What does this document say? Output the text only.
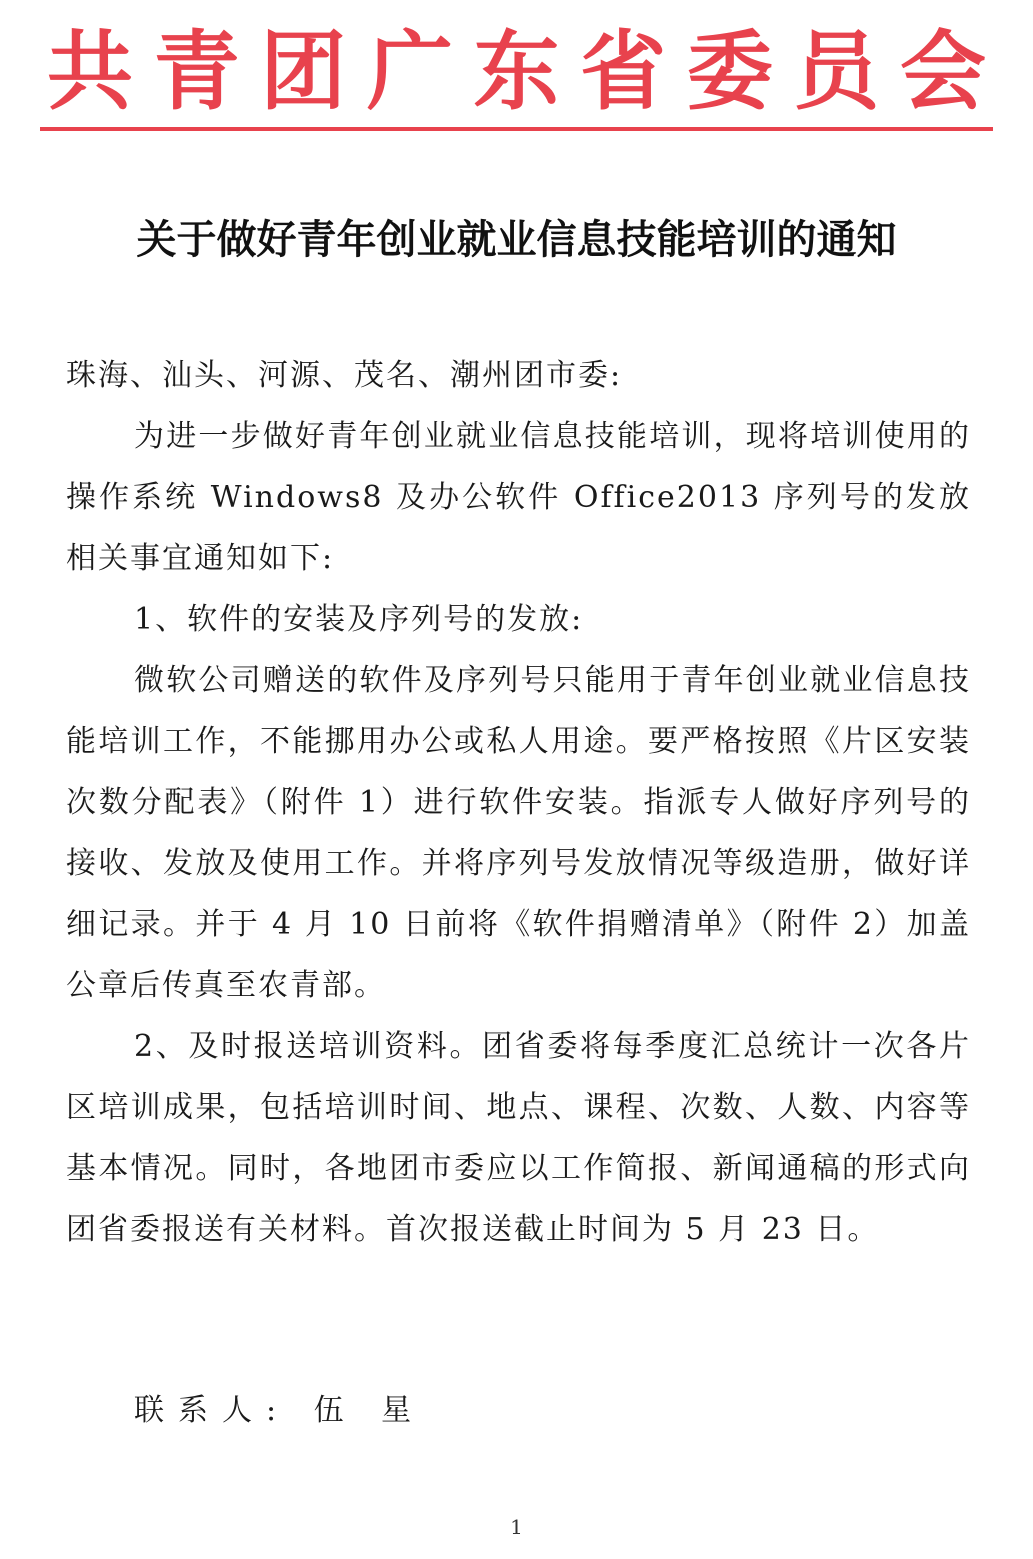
共 青 团 广 东 省 委 员 会
关于做好青年创业就业信息技能培训的通知

珠海、汕头、河源、茂名、潮州团市委:

为进一步做好青年创业就业信息技能培训，现将培训使用的操作系统 Windows8 及办公软件 Office2013 序列号的发放相关事宜通知如下:

1、软件的安装及序列号的发放:

微软公司赠送的软件及序列号只能用于青年创业就业信息技能培训工作，不能挪用办公或私人用途。要严格按照《片区安装次数分配表》（附件 1）进行软件安装。指派专人做好序列号的接收、发放及使用工作。并将序列号发放情况等级造册，做好详细记录。并于 4 月 10 日前将《软件捐赠清单》（附件 2）加盖公章后传真至农青部。

2、及时报送培训资料。团省委将每季度汇总统计一次各片区培训成果，包括培训时间、地点、课程、次数、人数、内容等基本情况。同时，各地团市委应以工作简报、新闻通稿的形式向团省委报送有关材料。首次报送截止时间为 5 月 23 日。

联系人: 伍 星
1
